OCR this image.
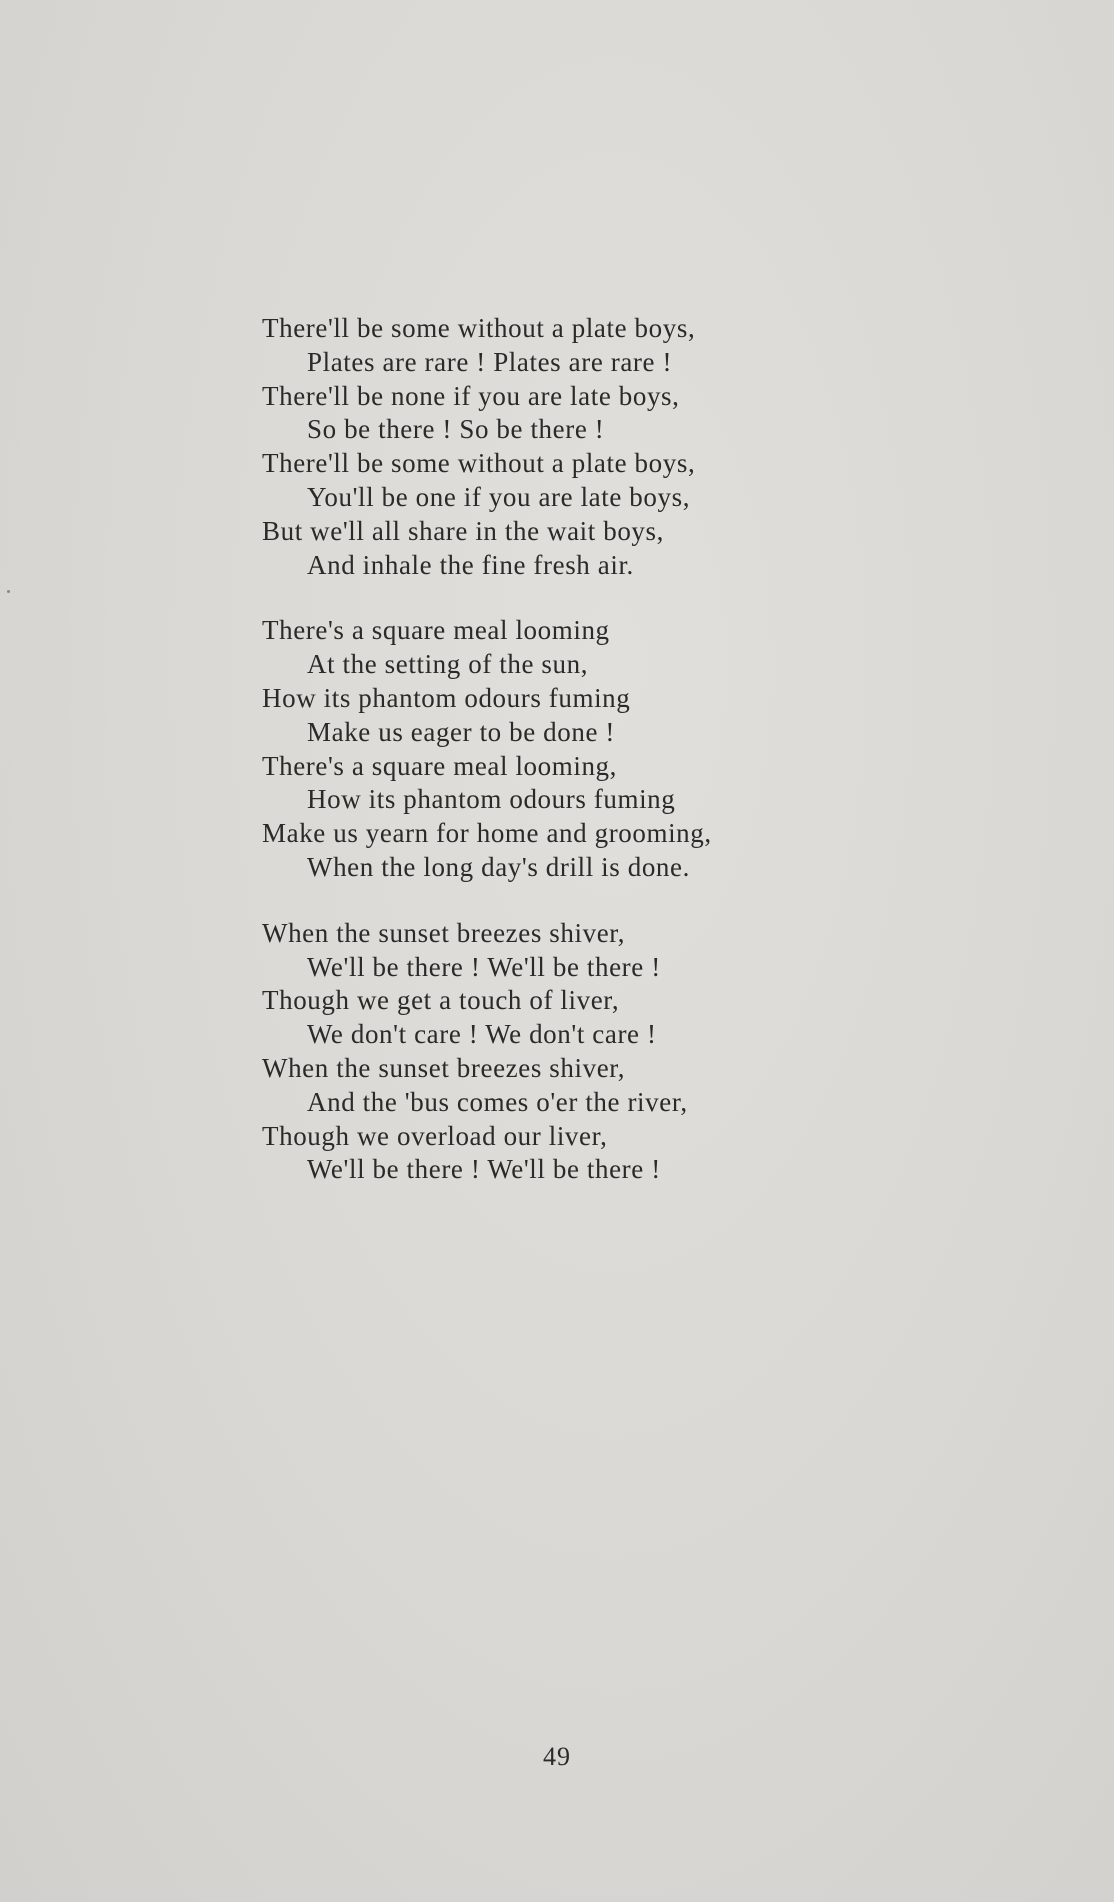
There'll be some without a plate boys,
Plates are rare ! Plates are rare !
There'll be none if you are late boys,
So be there ! So be there !
There'll be some without a plate boys,
You'll be one if you are late boys,
But we'll all share in the wait boys,
And inhale the fine fresh air.
There's a square meal looming
At the setting of the sun,
How its phantom odours fuming
Make us eager to be done !
There's a square meal looming,
How its phantom odours fuming
Make us yearn for home and grooming,
When the long day's drill is done.
When the sunset breezes shiver,
We'll be there ! We'll be there !
Though we get a touch of liver,
We don't care ! We don't care !
When the sunset breezes shiver,
And the 'bus comes o'er the river,
Though we overload our liver,
We'll be there ! We'll be there !
49
